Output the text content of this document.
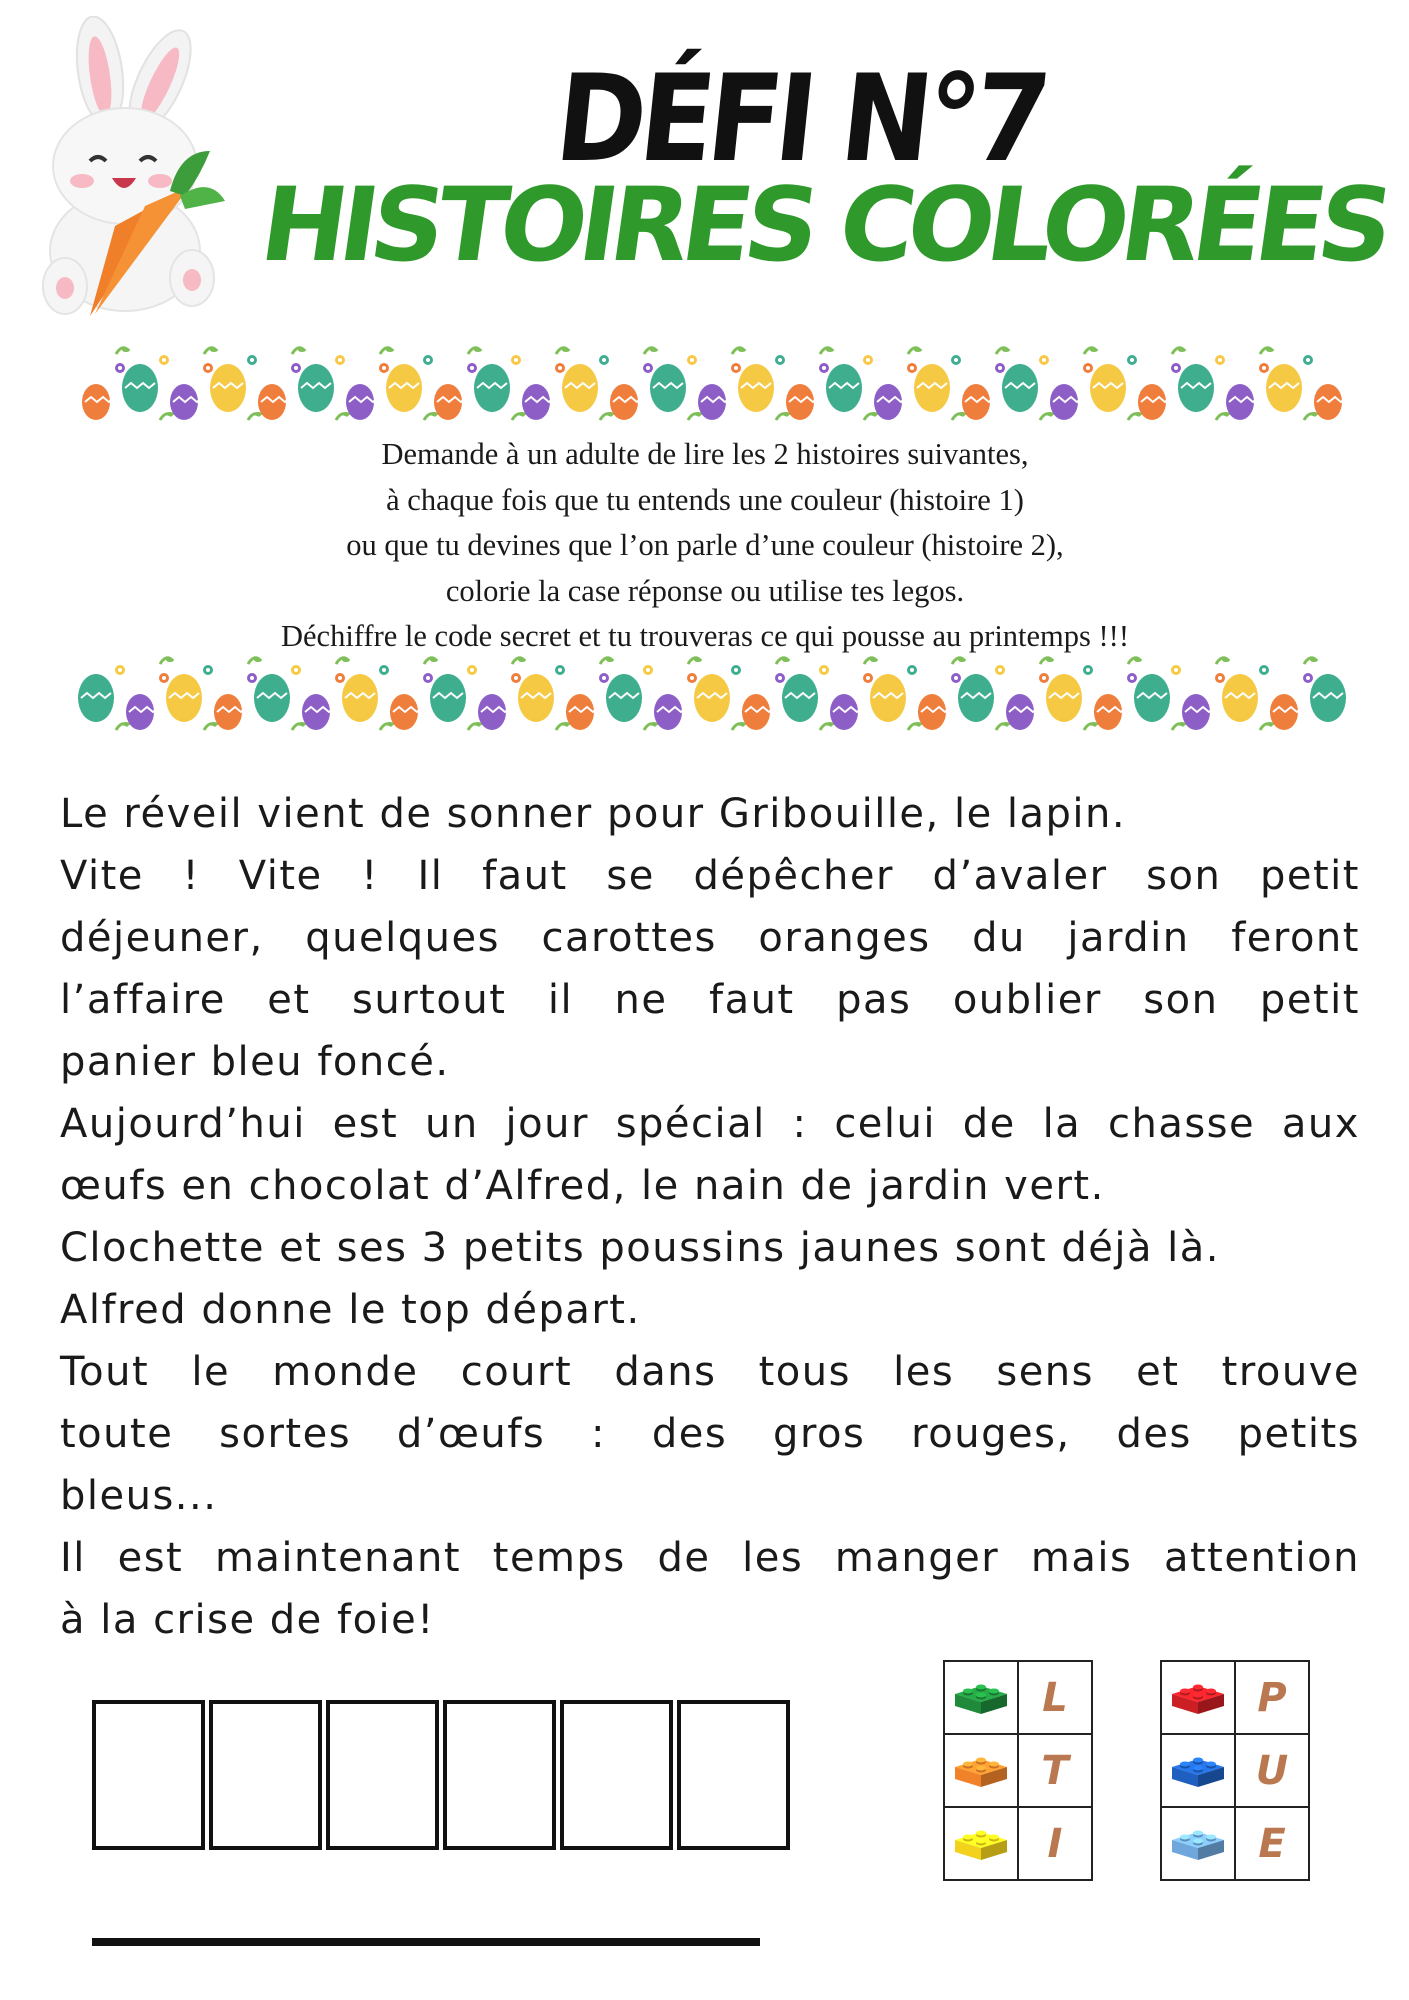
DÉFI N°7
HISTOIRES COLORÉES
Demande à un adulte de lire les 2 histoires suivantes,
à chaque fois que tu entends une couleur (histoire 1)
ou que tu devines que l’on parle d’une couleur (histoire 2),
colorie la case réponse ou utilise tes legos.
Déchiffre le code secret et tu trouveras ce qui pousse au printemps !!!
Le réveil vient de sonner pour Gribouille, le lapin.
Vite ! Vite ! Il faut se dépêcher d’avaler son petit
déjeuner, quelques carottes oranges du jardin feront
l’affaire et surtout il ne faut pas oublier son petit
panier bleu foncé.
Aujourd’hui est un jour spécial : celui de la chasse aux
œufs en chocolat d’Alfred, le nain de jardin vert.
Clochette et ses 3 petits poussins jaunes sont déjà là.
Alfred donne le top départ.
Tout le monde court dans tous les sens et trouve
toute sortes d’œufs : des gros rouges, des petits
bleus...
Il est maintenant temps de les manger mais attention
à la crise de foie!
	L

	T

	I
	P

	U

	E
